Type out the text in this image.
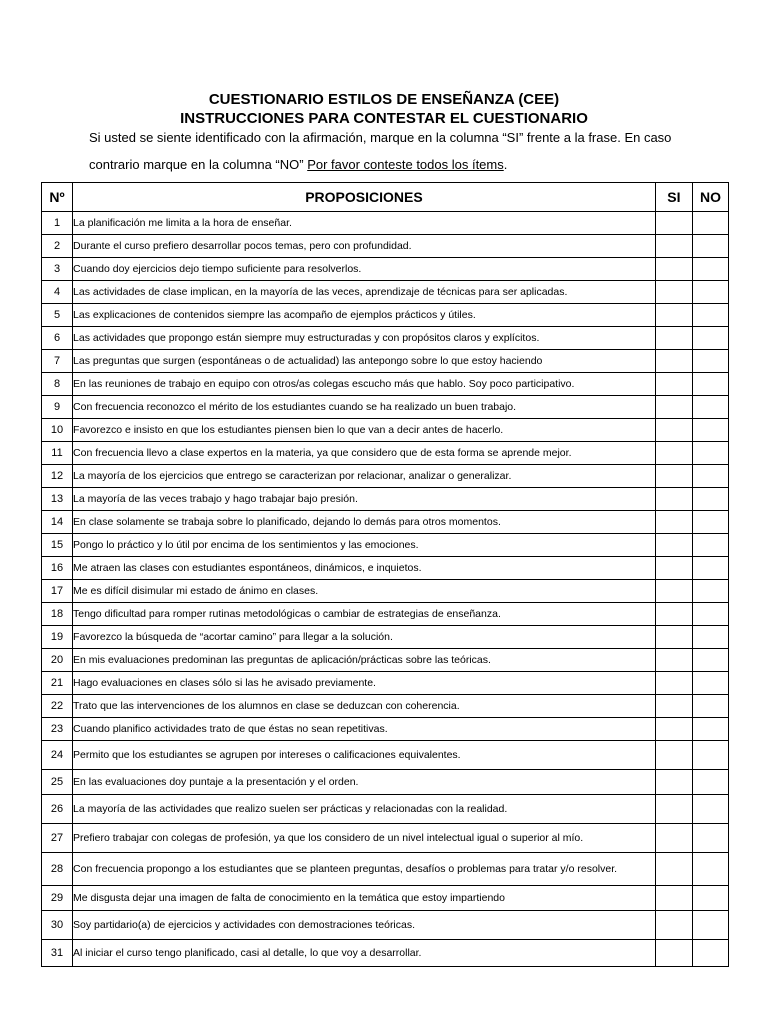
CUESTIONARIO ESTILOS DE ENSEÑANZA (CEE)
INSTRUCCIONES PARA CONTESTAR EL CUESTIONARIO
Si usted se siente identificado con la afirmación, marque en la columna “SI” frente a la frase. En caso
contrario marque en la columna “NO” Por favor conteste todos los ítems.
Nº	PROPOSICIONES	SI	NO
1	La planificación me limita a la hora de enseñar.		
2	Durante el curso prefiero desarrollar pocos temas, pero con profundidad.		
3	Cuando doy ejercicios dejo tiempo suficiente para resolverlos.		
4	Las actividades de clase implican, en la mayoría de las veces, aprendizaje de técnicas para ser aplicadas.		
5	Las explicaciones de contenidos siempre las acompaño de ejemplos prácticos y útiles.		
6	Las actividades que propongo están siempre muy estructuradas y con propósitos claros y explícitos.		
7	Las preguntas que surgen (espontáneas o de actualidad) las antepongo sobre lo que estoy haciendo		
8	En las reuniones de trabajo en equipo con otros/as colegas escucho más que hablo. Soy poco participativo.		
9	Con frecuencia reconozco el mérito de los estudiantes cuando se ha realizado un buen trabajo.		
10	Favorezco e insisto en que los estudiantes piensen bien lo que van a decir antes de hacerlo.		
11	Con frecuencia llevo a clase expertos en la materia, ya que considero que de esta forma se aprende mejor.		
12	La mayoría de los ejercicios que entrego se caracterizan por relacionar, analizar o generalizar.		
13	La mayoría de las veces trabajo y hago trabajar bajo presión.		
14	En clase solamente se trabaja sobre lo planificado, dejando lo demás para otros momentos.		
15	Pongo lo práctico y lo útil por encima de los sentimientos y las emociones.		
16	Me atraen las clases con estudiantes espontáneos, dinámicos, e inquietos.		
17	Me es difícil disimular mi estado de ánimo en clases.		
18	Tengo dificultad para romper rutinas metodológicas o cambiar de estrategias de enseñanza.		
19	Favorezco la búsqueda de “acortar camino” para llegar a la solución.		
20	En mis evaluaciones predominan las preguntas de aplicación/prácticas sobre las teóricas.		
21	Hago evaluaciones en clases sólo si las he avisado previamente.		
22	Trato que las intervenciones de los alumnos en clase se deduzcan con coherencia.		
23	Cuando planifico actividades trato de que éstas no sean repetitivas.		
24	Permito que los estudiantes se agrupen por intereses o calificaciones equivalentes.		
25	En las evaluaciones doy puntaje a la presentación y el orden.		
26	La mayoría de las actividades que realizo suelen ser prácticas y relacionadas con la realidad.		
27	Prefiero trabajar con colegas de profesión, ya que los considero de un nivel intelectual igual o superior al mío.		
28	Con frecuencia propongo a los estudiantes que se planteen preguntas, desafíos o problemas para tratar y/o resolver.		
29	Me disgusta dejar una imagen de falta de conocimiento en la temática que estoy impartiendo		
30	Soy partidario(a) de ejercicios y actividades con demostraciones teóricas.		
31	Al iniciar el curso tengo planificado, casi al detalle, lo que voy a desarrollar.		
